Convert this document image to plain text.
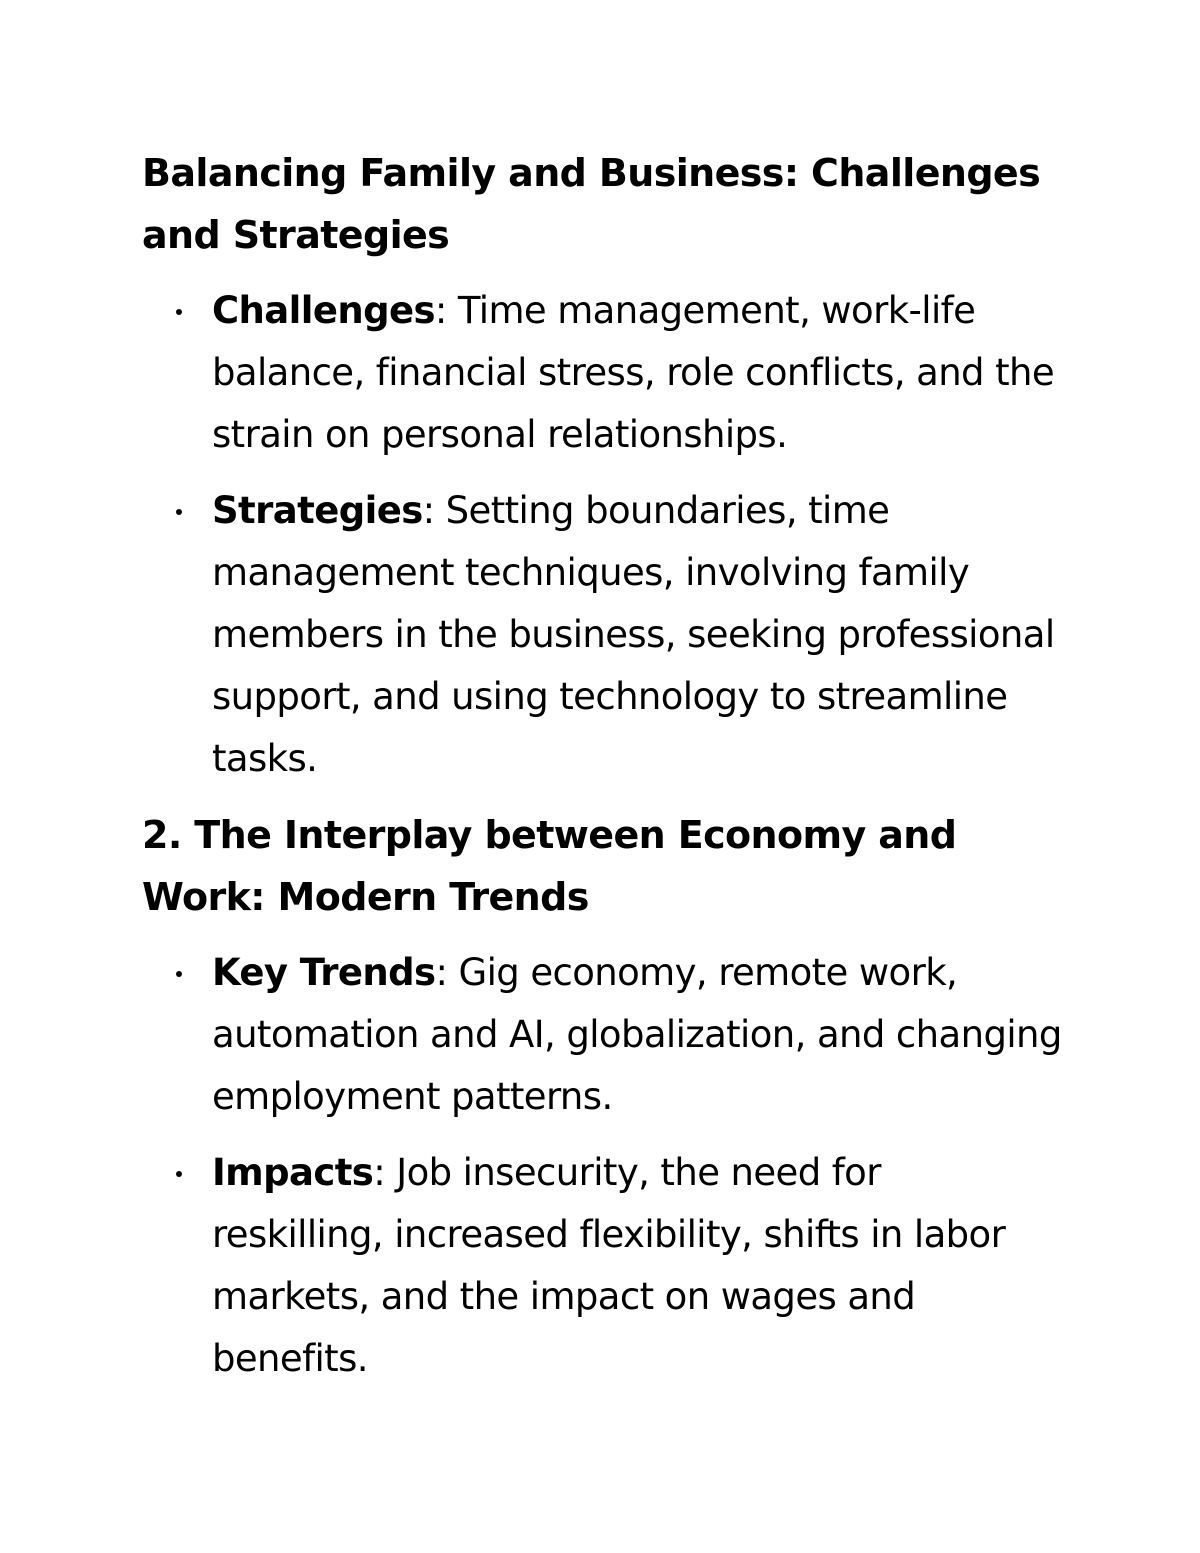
Balancing Family and Business: Challenges and Strategies
Challenges: Time management, work-life balance, financial stress, role conflicts, and the strain on personal relationships.
Strategies: Setting boundaries, time management techniques, involving family members in the business, seeking professional support, and using technology to streamline tasks.
2. The Interplay between Economy and Work: Modern Trends
Key Trends: Gig economy, remote work, automation and AI, globalization, and changing employment patterns.
Impacts: Job insecurity, the need for reskilling, increased flexibility, shifts in labor markets, and the impact on wages and benefits.
